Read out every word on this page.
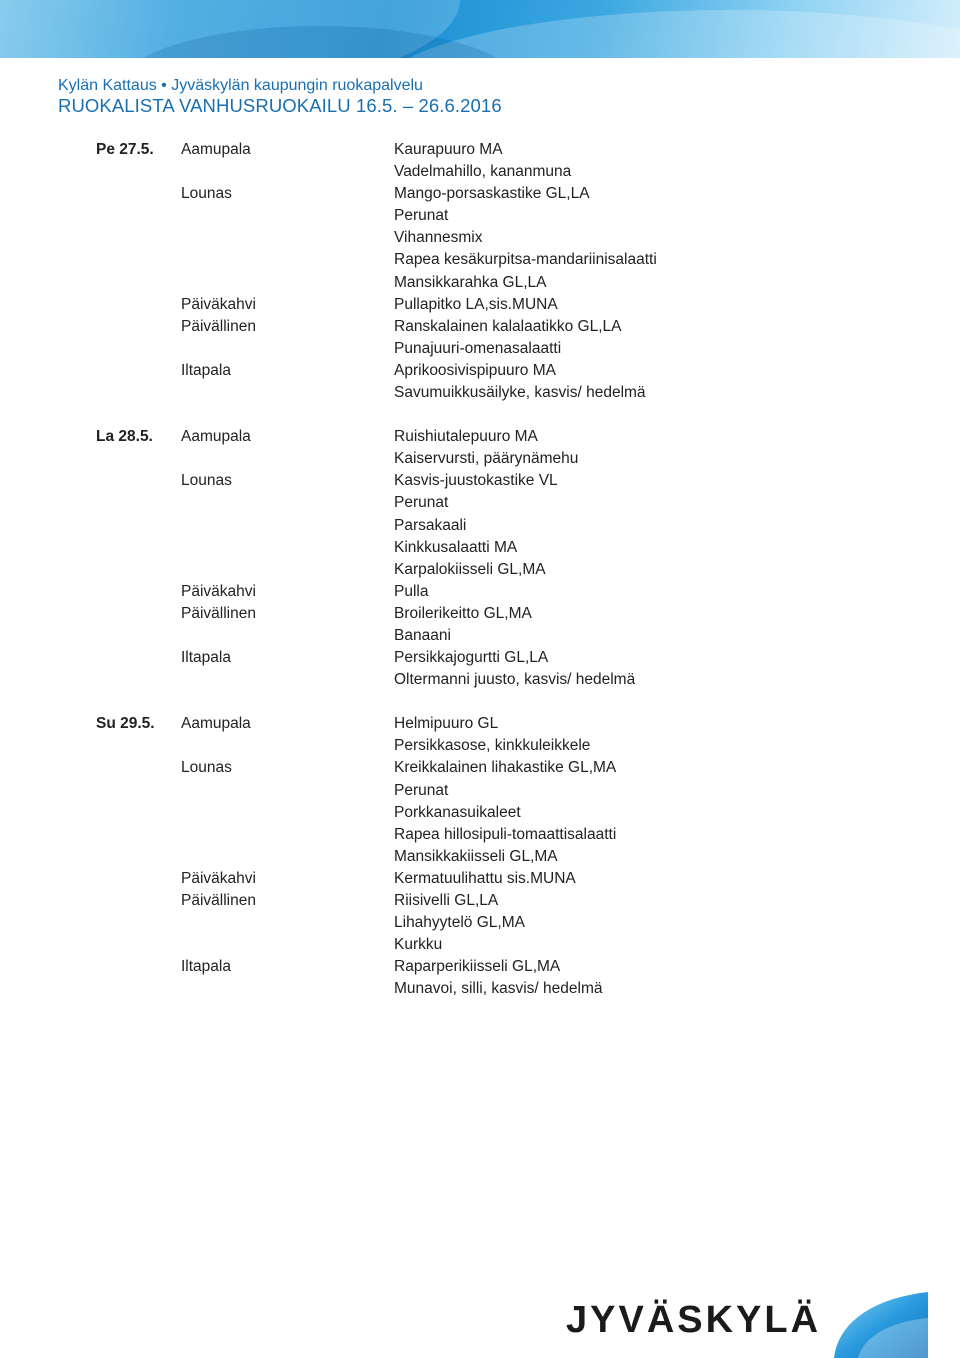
Kylän Kattaus • Jyväskylän kaupungin ruokapalvelu
RUOKALISTA VANHUSRUOKAILU 16.5. – 26.6.2016
Pe 27.5.	Aamupala	Kaurapuuro MA
Vadelmahillo, kananmuna
Lounas	Mango-porsaskastike GL,LA
Perunat
Vihannesmix
Rapea kesäkurpitsa-mandariinisalaatti
Mansikkarahka GL,LA
Päiväkahvi	Pullapitko LA,sis.MUNA
Päivällinen	Ranskalainen kalalaatikko GL,LA
Punajuuri-omenasalaatti
Iltapala	Aprikoosivispipuuro MA
Savumuikkusäilyke, kasvis/ hedelmä
La 28.5.	Aamupala	Ruishiutalepuuro MA
Kaiservursti, päärynämehu
Lounas	Kasvis-juustokastike VL
Perunat
Parsakaali
Kinkkusalaatti MA
Karpalokiisseli GL,MA
Päiväkahvi	Pulla
Päivällinen	Broilerikeitto GL,MA
Banaani
Iltapala	Persikkajogurtti GL,LA
Oltermanni juusto, kasvis/ hedelmä
Su 29.5.	Aamupala	Helmipuuro GL
Persikkasose, kinkkuleikkele
Lounas	Kreikkalainen lihakastike GL,MA
Perunat
Porkkanasuikaleet
Rapea hillosipuli-tomaattisalaatti
Mansikkakiisseli GL,MA
Päiväkahvi	Kermatuulihattu sis.MUNA
Päivällinen	Riisivelli GL,LA
Lihahyytelö GL,MA
Kurkku
Iltapala	Raparperikiisseli GL,MA
Munavoi, silli, kasvis/ hedelmä
JYVÄSKYLÄ
